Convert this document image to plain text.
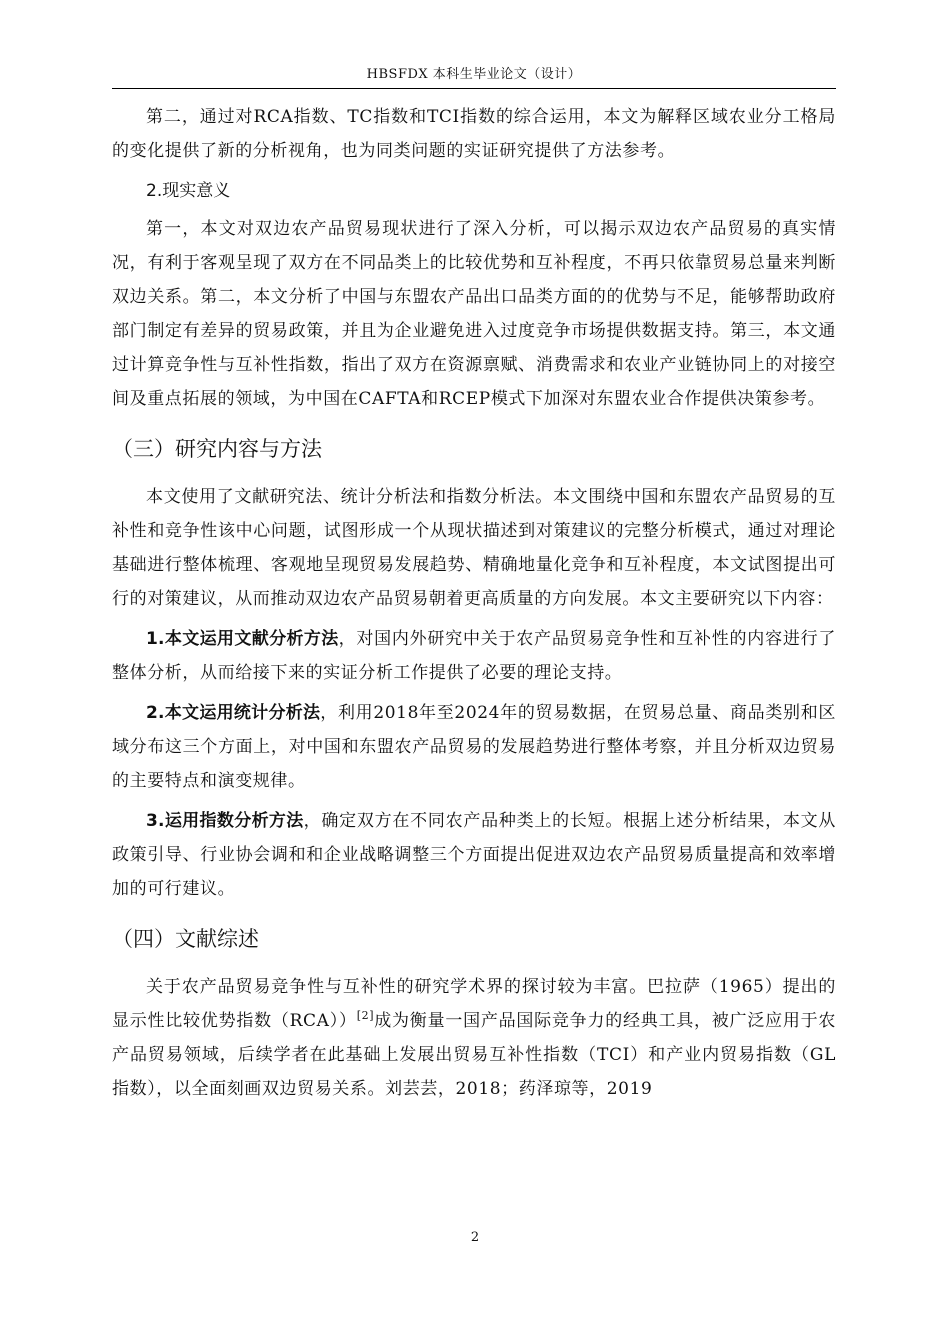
HBSFDX 本科生毕业论文（设计）

第二，通过对RCA指数、TC指数和TCI指数的综合运用，本文为解释区域农业分工格局的变化提供了新的分析视角，也为同类问题的实证研究提供了方法参考。

2.现实意义

第一，本文对双边农产品贸易现状进行了深入分析，可以揭示双边农产品贸易的真实情况，有利于客观呈现了双方在不同品类上的比较优势和互补程度，不再只依靠贸易总量来判断双边关系。第二，本文分析了中国与东盟农产品出口品类方面的的优势与不足，能够帮助政府部门制定有差异的贸易政策，并且为企业避免进入过度竞争市场提供数据支持。第三，本文通过计算竞争性与互补性指数，指出了双方在资源禀赋、消费需求和农业产业链协同上的对接空间及重点拓展的领域，为中国在CAFTA和RCEP模式下加深对东盟农业合作提供决策参考。

（三）研究内容与方法

本文使用了文献研究法、统计分析法和指数分析法。本文围绕中国和东盟农产品贸易的互补性和竞争性该中心问题，试图形成一个从现状描述到对策建议的完整分析模式，通过对理论基础进行整体梳理、客观地呈现贸易发展趋势、精确地量化竞争和互补程度，本文试图提出可行的对策建议，从而推动双边农产品贸易朝着更高质量的方向发展。本文主要研究以下内容：

1.本文运用文献分析方法，对国内外研究中关于农产品贸易竞争性和互补性的内容进行了整体分析，从而给接下来的实证分析工作提供了必要的理论支持。

2.本文运用统计分析法，利用2018年至2024年的贸易数据，在贸易总量、商品类别和区域分布这三个方面上，对中国和东盟农产品贸易的发展趋势进行整体考察，并且分析双边贸易的主要特点和演变规律。

3.运用指数分析方法，确定双方在不同农产品种类上的长短。根据上述分析结果，本文从政策引导、行业协会调和和企业战略调整三个方面提出促进双边农产品贸易质量提高和效率增加的可行建议。

（四）文献综述

关于农产品贸易竞争性与互补性的研究学术界的探讨较为丰富。巴拉萨（1965）提出的显示性比较优势指数（RCA））[2]成为衡量一国产品国际竞争力的经典工具，被广泛应用于农产品贸易领域，后续学者在此基础上发展出贸易互补性指数（TCI）和产业内贸易指数（GL指数），以全面刻画双边贸易关系。刘芸芸，2018；药泽琼等，2019

2
